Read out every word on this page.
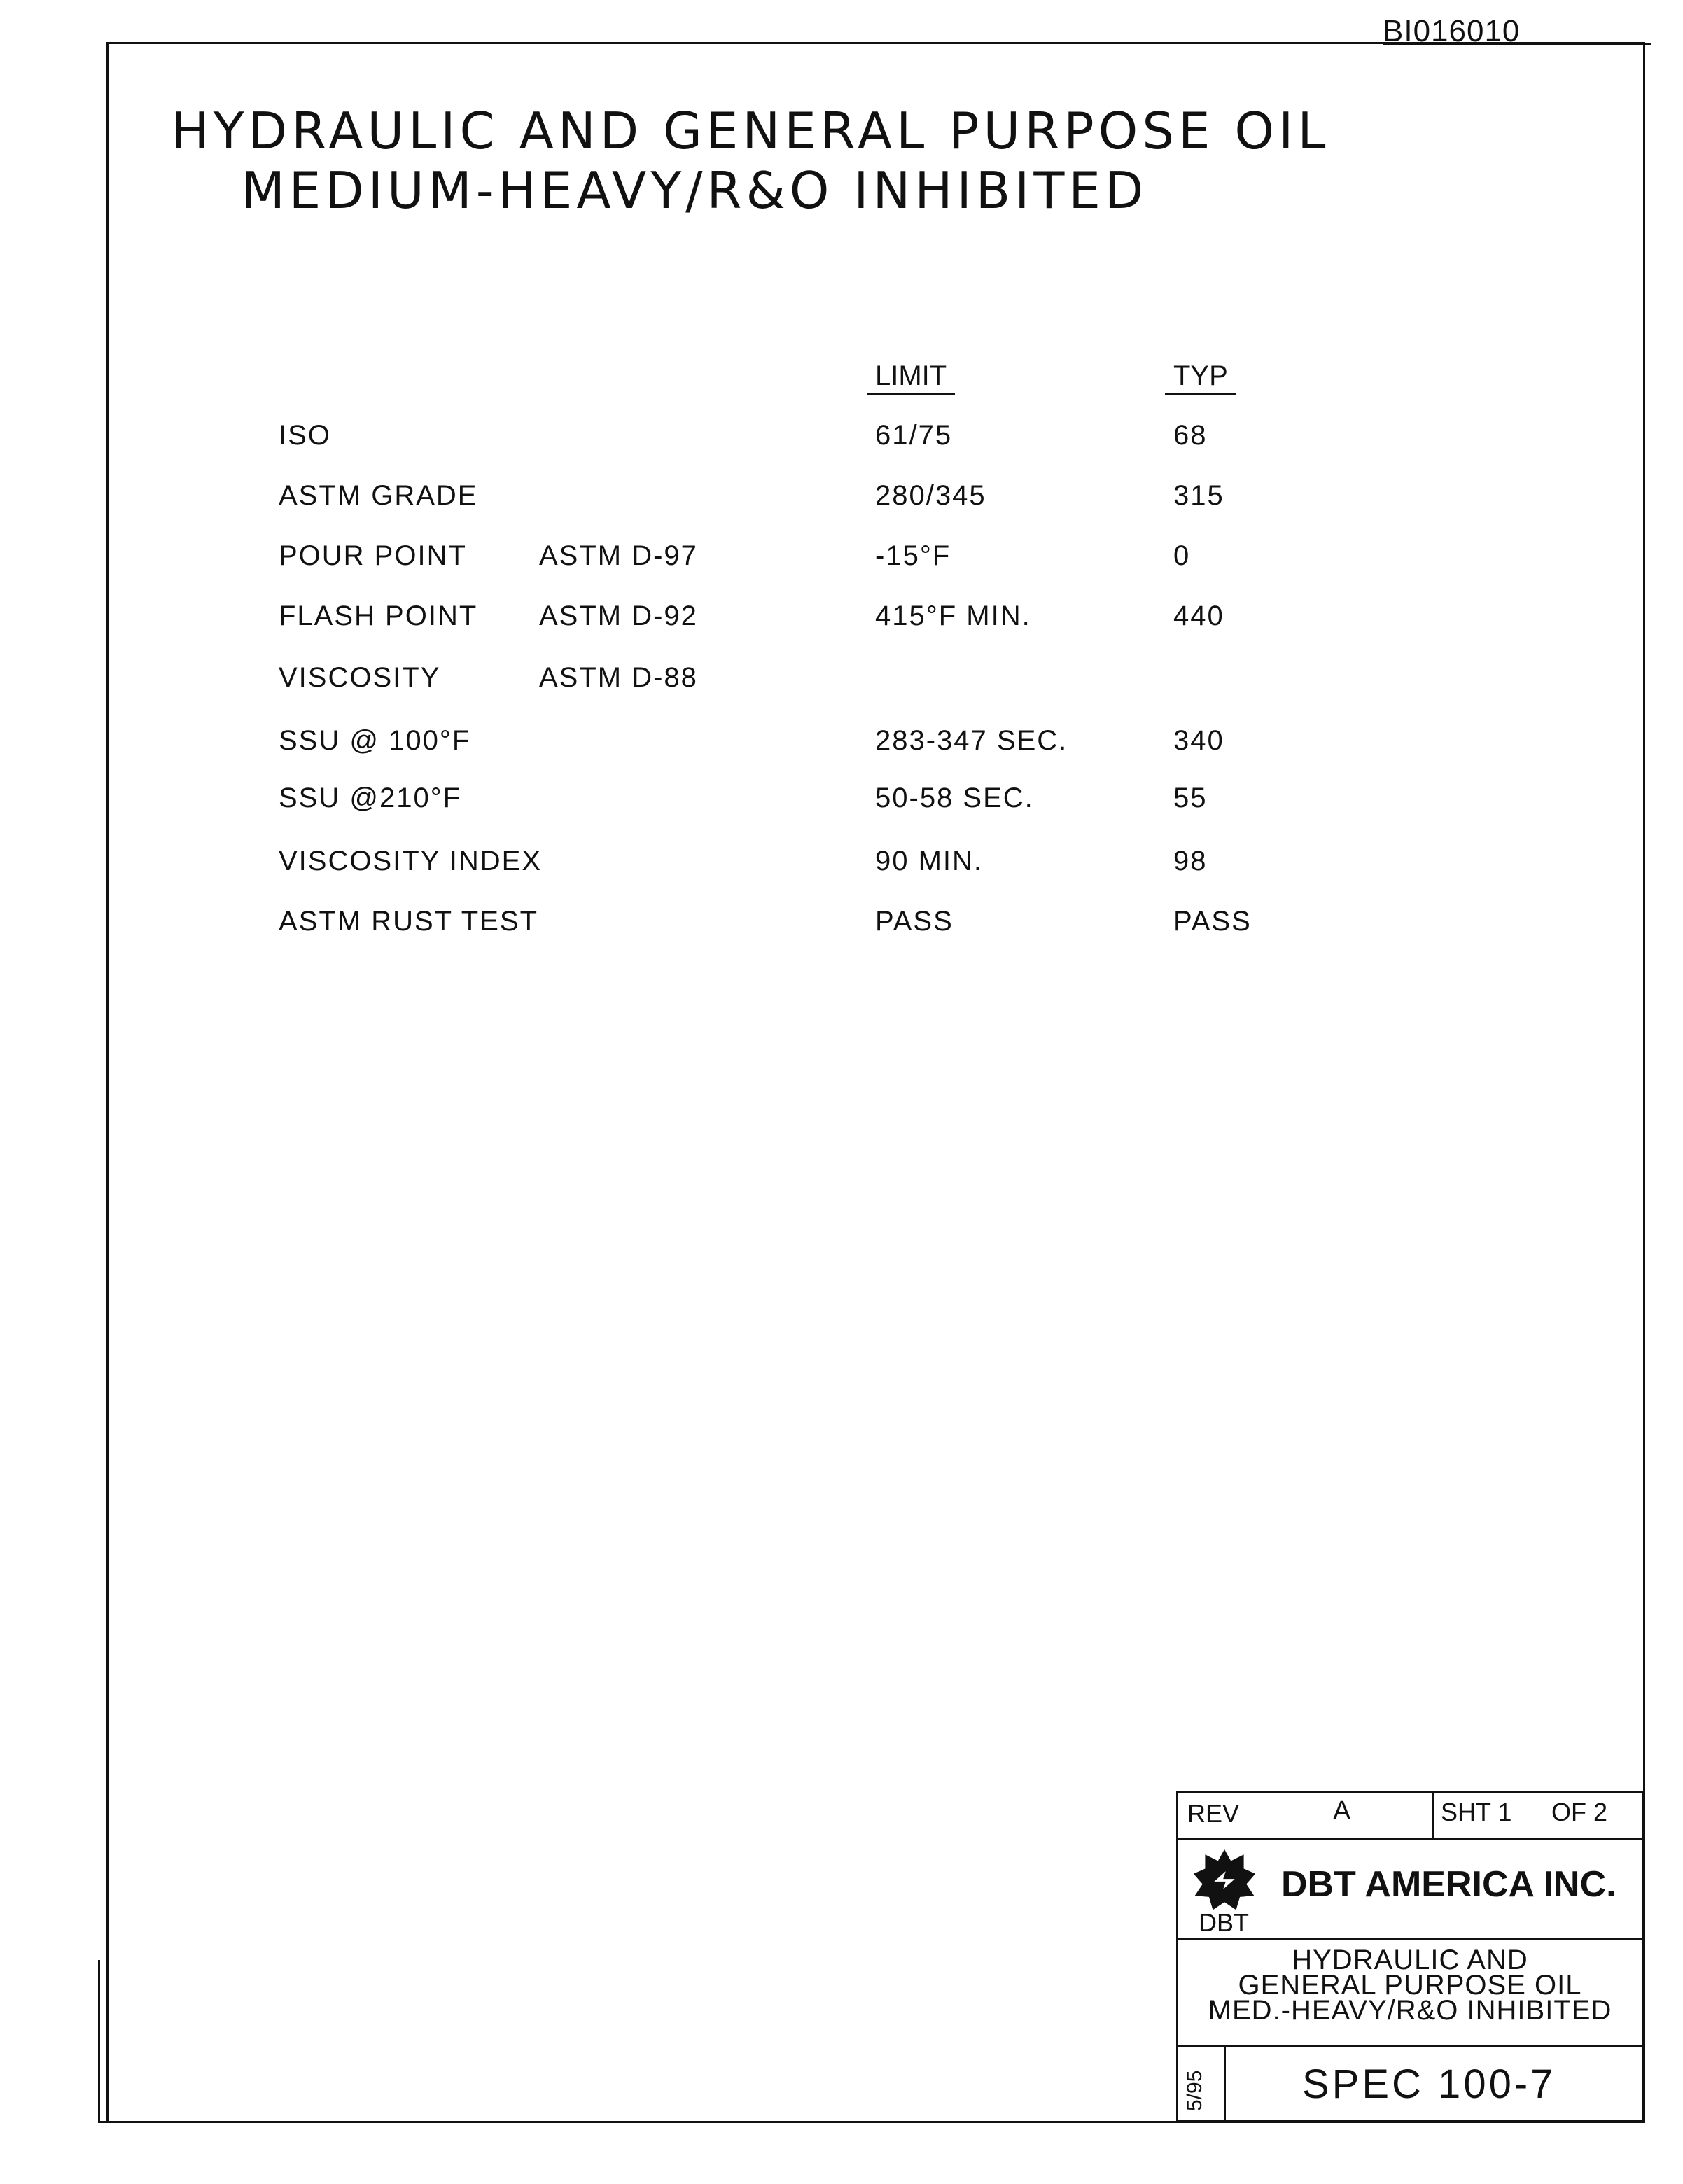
BI016010
HYDRAULIC AND GENERAL PURPOSE OIL
MEDIUM-HEAVY/R&O INHIBITED
LIMIT	TYP
ISO	61/75	68
ASTM GRADE	280/345	315
POUR POINT	ASTM D-97	-15°F	0
FLASH POINT ASTM D-92	415°F MIN.	440
VISCOSITY	ASTM D-88
SSU @ 100°F	283-347 SEC.	340
SSU @210°F	50-58 SEC.	55
VISCOSITY INDEX	90 MIN.	98
ASTM RUST TEST	PASS	PASS
REV	A	SHT 1 OF 2
DBT
DBT AMERICA INC.
HYDRAULIC AND
GENERAL PURPOSE OIL
MED.-HEAVY/R&O INHIBITED
5/95 SPEC 100-7
